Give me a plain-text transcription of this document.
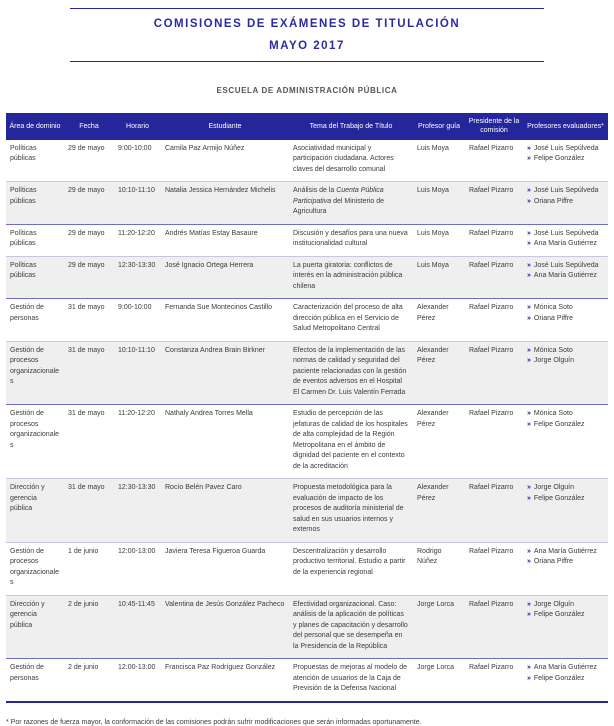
COMISIONES DE EXÁMENES DE TITULACIÓN
MAYO 2017
ESCUELA DE ADMINISTRACIÓN PÚBLICA
Área de dominio	Fecha	Horario	Estudiante	Tema del Trabajo de Título	Profesor guía	Presidente de la comisión	Profesores evaluadores*
Políticas públicas	29 de mayo	9:00-10:00	Camila Paz Armijo Núñez	Asociatividad municipal y participación ciudadana. Actores claves del desarrollo comunal	Luis Moya	Rafael Pizarro	» José Luis Sepúlveda
» Felipe González

Políticas públicas	29 de mayo	10:10-11:10	Natalia Jessica Hernández Michelis	Análisis de la Cuenta Pública Participativa del Ministerio de Agricultura	Luis Moya	Rafael Pizarro	» José Luis Sepúlveda
» Oriana Piffre

Políticas públicas	29 de mayo	11:20-12:20	Andrés Matías Estay Basaure	Discusión y desafíos para una nueva institucionalidad cultural	Luis Moya	Rafael Pizarro	» José Luis Sepúlveda
» Ana María Gutiérrez

Políticas públicas	29 de mayo	12:30-13:30	José Ignacio Ortega Herrera	La puerta giratoria: conflictos de interés en la administración pública chilena	Luis Moya	Rafael Pizarro	» José Luis Sepúlveda
» Ana María Gutiérrez

Gestión de personas	31 de mayo	9:00-10:00	Fernanda Sue Montecinos Castillo	Caracterización del proceso de alta dirección pública en el Servicio de Salud Metropolitano Central	Alexander Pérez	Rafael Pizarro	» Mónica Soto
» Oriana Piffre

Gestión de procesos organizacionales	31 de mayo	10:10-11:10	Constanza Andrea Brain Birkner	Efectos de la implementación de las normas de calidad y seguridad del paciente relacionadas con la gestión de eventos adversos en el Hospital El Carmen Dr. Luis Valentín Ferrada	Alexander Pérez	Rafael Pizarro	» Mónica Soto
» Jorge Olguín

Gestión de procesos organizacionales	31 de mayo	11:20-12:20	Nathaly Andrea Torres Mella	Estudio de percepción de las jefaturas de calidad de los hospitales de alta complejidad de la Región Metropolitana en el ámbito de dignidad del paciente en el contexto de la acreditación	Alexander Pérez	Rafael Pizarro	» Mónica Soto
» Felipe González

Dirección y gerencia pública	31 de mayo	12:30-13:30	Rocío Belén Pavez Caro	Propuesta metodológica para la evaluación de impacto de los procesos de auditoría ministerial de salud en sus usuarios internos y externos	Alexander Pérez	Rafael Pizarro	» Jorge Olguín
» Felipe González

Gestión de procesos organizacionales	1 de junio	12:00-13:00	Javiera Teresa Figueroa Guarda	Descentralización y desarrollo productivo territorial. Estudio a partir de la experiencia regional	Rodrigo Núñez	Rafael Pizarro	» Ana María Gutiérrez
» Oriana Piffre

Dirección y gerencia pública	2 de junio	10:45-11:45	Valentina de Jesús González Pacheco	Efectividad organizacional. Caso: análisis de la aplicación de políticas y planes de capacitación y desarrollo del personal que se desempeña en la Presidencia de la República	Jorge Lorca	Rafael Pizarro	» Jorge Olguín
» Felipe González

Gestión de personas	2 de junio	12:00-13:00	Francisca Paz Rodríguez González	Propuestas de mejoras al modelo de atención de usuarios de la Caja de Previsión de la Defensa Nacional	Jorge Lorca	Rafael Pizarro	» Ana María Gutiérrez
» Felipe González
* Por razones de fuerza mayor, la conformación de las comisiones podrán sufrir modificaciones que serán informadas oportunamente.
